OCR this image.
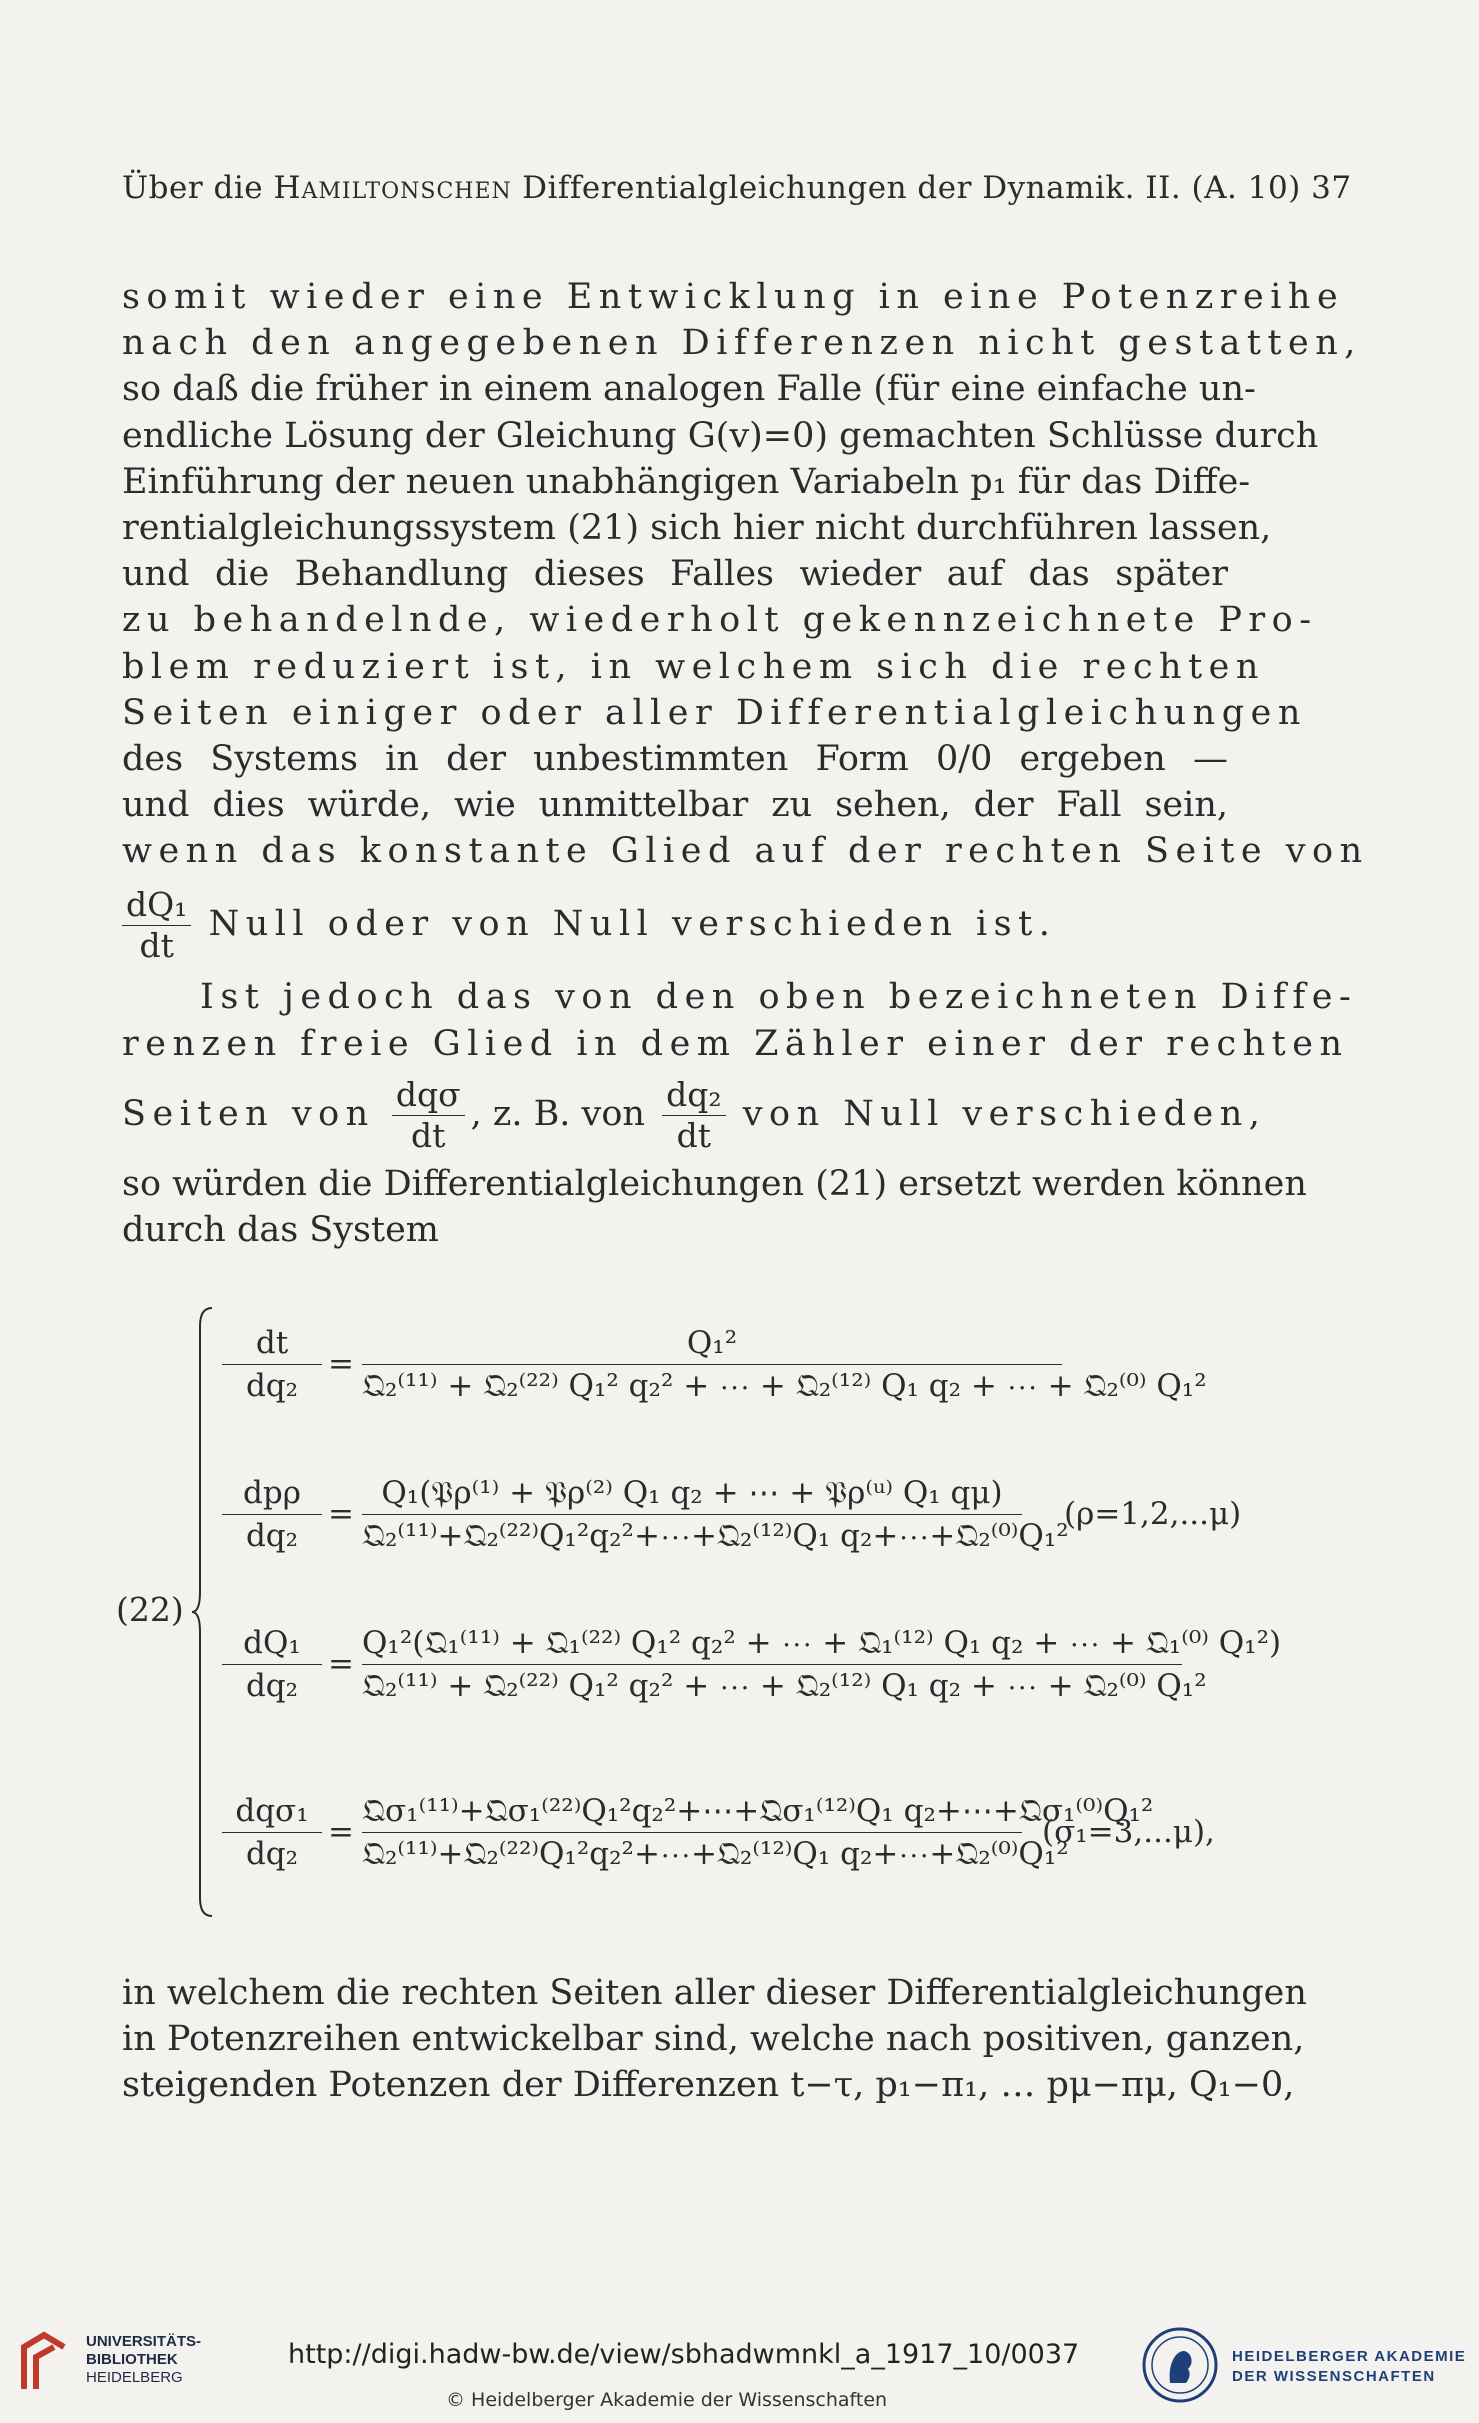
Über die Hamiltonschen Differentialgleichungen der Dynamik. II. (A. 10) 37
somit wieder eine Entwicklung in eine Potenzreihe
nach den angegebenen Differenzen nicht gestatten,
so daß die früher in einem analogen Falle (für eine einfache un-
endliche Lösung der Gleichung G(v)=0) gemachten Schlüsse durch
Einführung der neuen unabhängigen Variabeln p₁ für das Diffe-
rentialgleichungssystem (21) sich hier nicht durchführen lassen,
und die Behandlung dieses Falles wieder auf das später
zu behandelnde, wiederholt gekennzeichnete Pro-
blem reduziert ist, in welchem sich die rechten
Seiten einiger oder aller Differentialgleichungen
des Systems in der unbestimmten Form 0/0 ergeben —
und dies würde, wie unmittelbar zu sehen, der Fall sein,
wenn das konstante Glied auf der rechten Seite von
$\frac{\text{dQ₁}}{dt}$ Null oder von Null verschieden ist.
Ist jedoch das von den oben bezeichneten Diffe-
renzen freie Glied in dem Zähler einer der rechten
Seiten von $\frac{\text{dqσ}}{dt}$ , z. B. von $\frac{\text{dq₂}}{dt}$ von Null verschieden,
so würden die Differentialgleichungen (21) ersetzt werden können
durch das System
(22)
$\frac{dt}{\text{dq₂}}$ =
Q₁²
𝔔₂⁽¹¹⁾ + 𝔔₂⁽²²⁾ Q₁² q₂² + ⋯ + 𝔔₂⁽¹²⁾ Q₁ q₂ + ⋯ + 𝔔₂⁽⁰⁾ Q₁²
dpρ
dq₂
=
Q₁(𝔓ρ⁽¹⁾ + 𝔓ρ⁽²⁾ Q₁ q₂ + ⋯ + 𝔓ρ⁽ᵘ⁾ Q₁ qμ)
𝔔₂⁽¹¹⁾+𝔔₂⁽²²⁾Q₁²q₂²+⋯+𝔔₂⁽¹²⁾Q₁ q₂+⋯+𝔔₂⁽⁰⁾Q₁²
(ρ=1,2,...μ)
$\frac{\text{dQ₁}}{\text{dq₂}}$ =
Q₁²(𝔔₁⁽¹¹⁾ + 𝔔₁⁽²²⁾ Q₁² q₂² + ⋯ + 𝔔₁⁽¹²⁾ Q₁ q₂ + ⋯ + 𝔔₁⁽⁰⁾ Q₁²)
𝔔₂⁽¹¹⁾ + 𝔔₂⁽²²⁾ Q₁² q₂² + ⋯ + 𝔔₂⁽¹²⁾ Q₁ q₂ + ⋯ + 𝔔₂⁽⁰⁾ Q₁²
dqσ₁
dq₂
=
𝔔σ₁⁽¹¹⁾+𝔔σ₁⁽²²⁾Q₁²q₂²+⋯+𝔔σ₁⁽¹²⁾Q₁ q₂+⋯+𝔔σ₁⁽⁰⁾Q₁²
𝔔₂⁽¹¹⁾+𝔔₂⁽²²⁾Q₁²q₂²+⋯+𝔔₂⁽¹²⁾Q₁ q₂+⋯+𝔔₂⁽⁰⁾Q₁²
(σ₁=3,...μ),
in welchem die rechten Seiten aller dieser Differentialgleichungen
in Potenzreihen entwickelbar sind, welche nach positiven, ganzen,
steigenden Potenzen der Differenzen t−τ, p₁−π₁, … pμ−πμ, Q₁−0,
UNIVERSITÄTS-
BIBLIOTHEK
HEIDELBERG
http://digi.hadw-bw.de/view/sbhadwmnkl_a_1917_10/0037
© Heidelberger Akademie der Wissenschaften
HEIDELBERGER AKADEMIE
DER WISSENSCHAFTEN
